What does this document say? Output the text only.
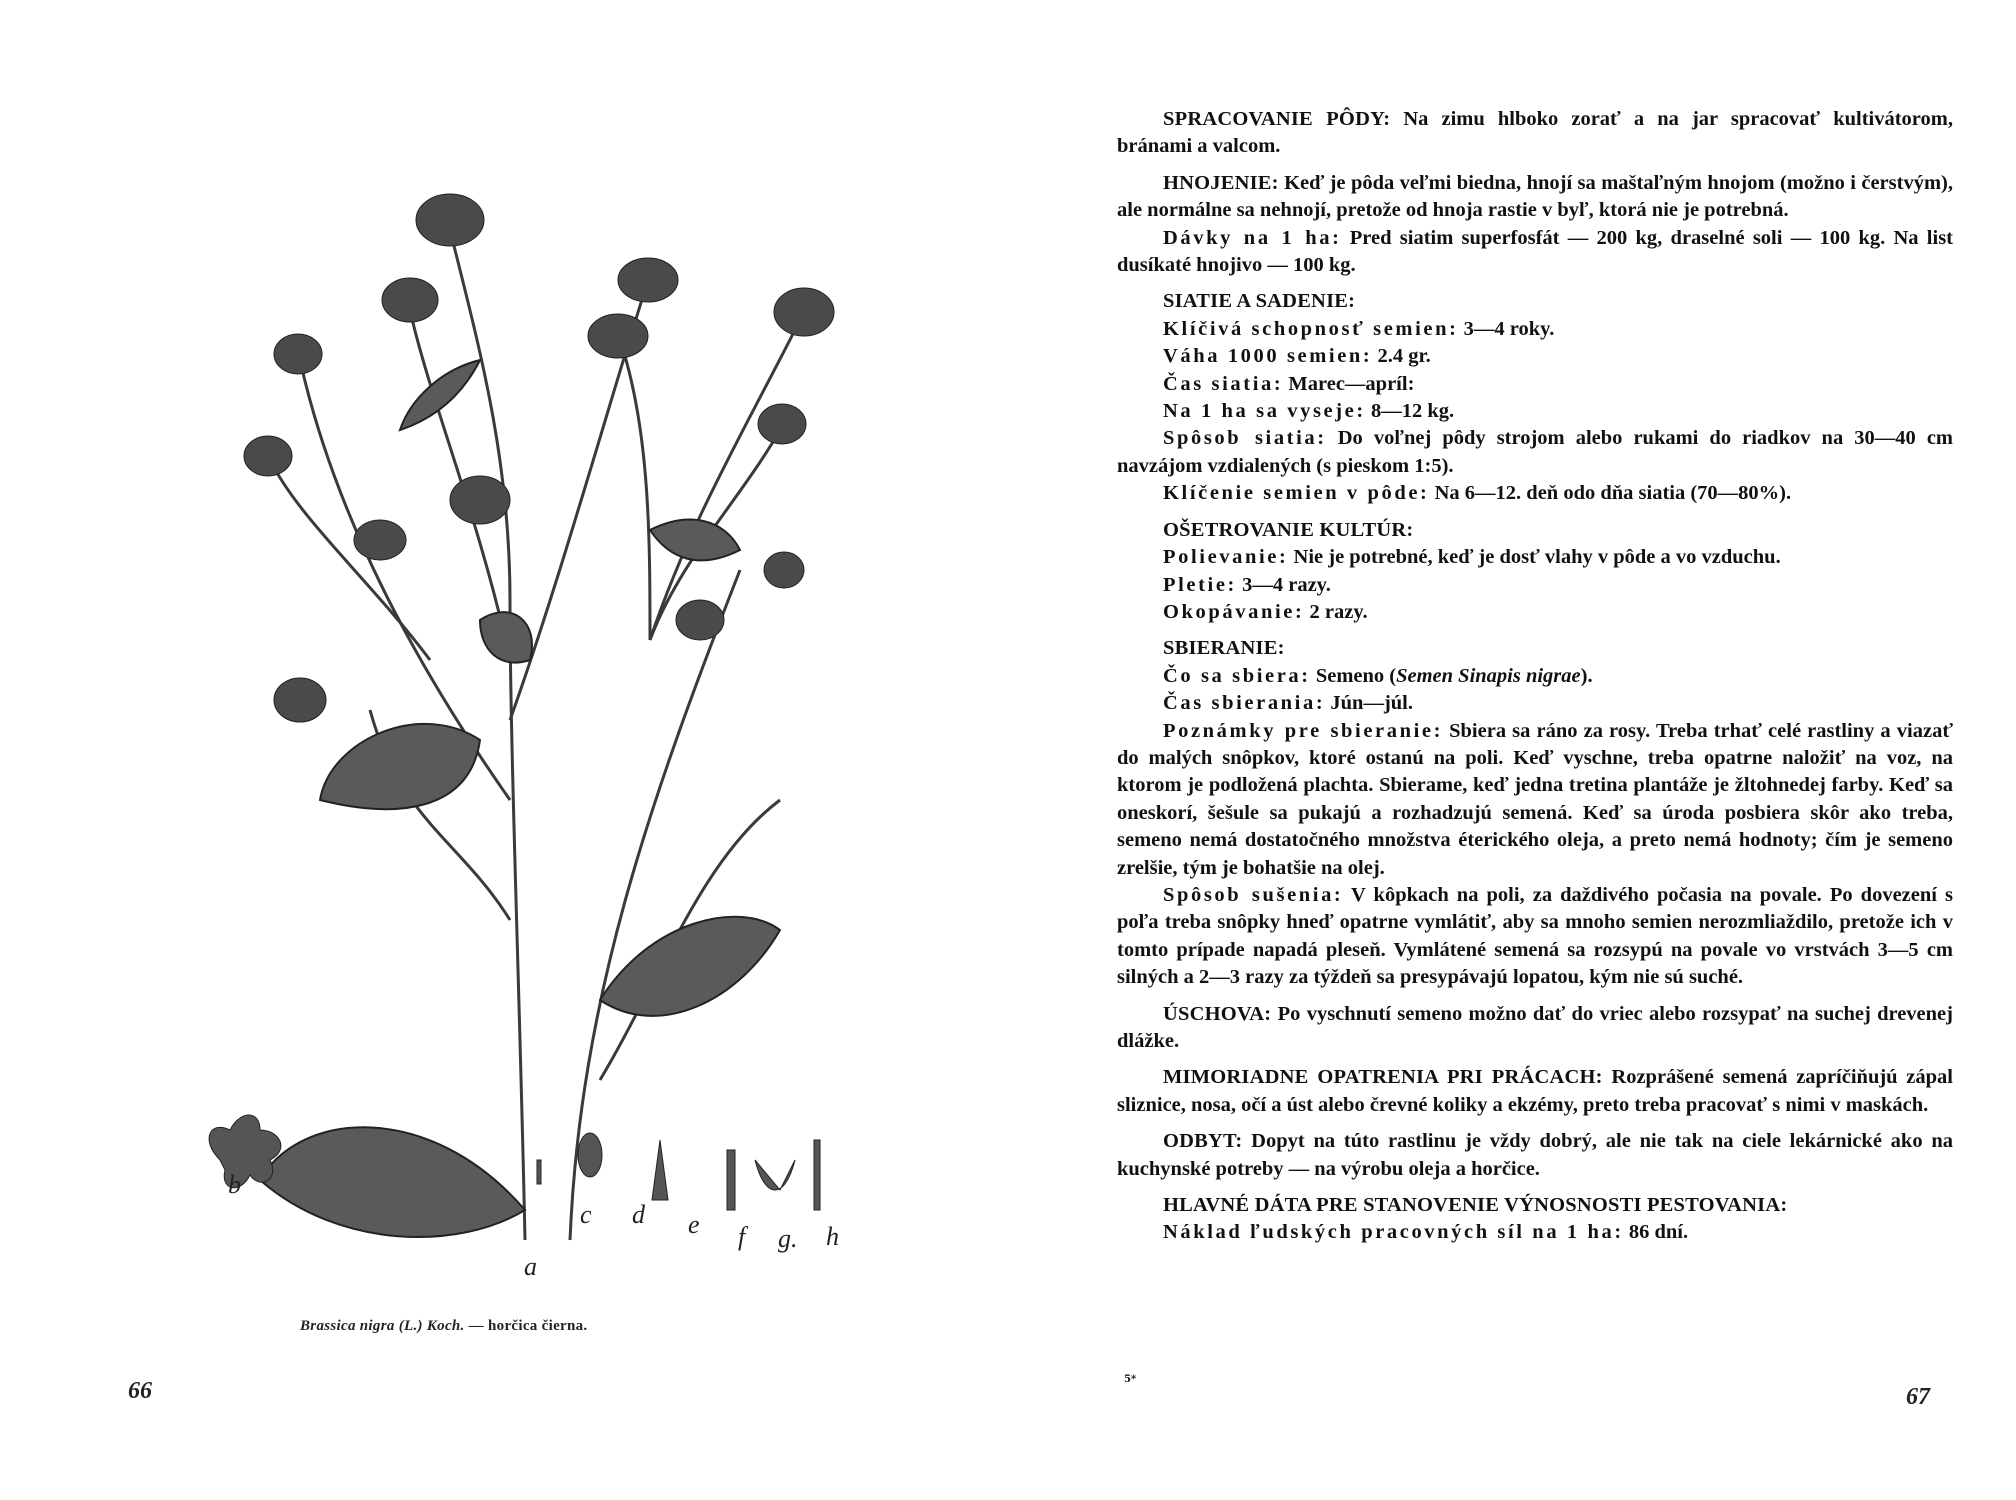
b
c d e f g. h
a
Brassica nigra (L.) Koch. — horčica čierna.
66

SPRACOVANIE PÔDY: Na zimu hlboko zorať a na jar spracovať kultivátorom, bránami a valcom.

HNOJENIE: Keď je pôda veľmi biedna, hnojí sa maštaľným hnojom (možno i čerstvým), ale normálne sa nehnojí, pretože od hnoja rastie v byľ, ktorá nie je potrebná.

Dávky na 1 ha: Pred siatim superfosfát — 200 kg, draselné soli — 100 kg. Na list dusíkaté hnojivo — 100 kg.

SIATIE A SADENIE:

Klíčivá schopnosť semien: 3—4 roky.

Váha 1000 semien: 2.4 gr.

Čas siatia: Marec—apríl:

Na 1 ha sa vyseje: 8—12 kg.

Spôsob siatia: Do voľnej pôdy strojom alebo rukami do riadkov na 30—40 cm navzájom vzdialených (s pieskom 1:5).

Klíčenie semien v pôde: Na 6—12. deň odo dňa siatia (70—80%).

OŠETROVANIE KULTÚR:

Polievanie: Nie je potrebné, keď je dosť vlahy v pôde a vo vzduchu.

Pletie: 3—4 razy.

Okopávanie: 2 razy.

SBIERANIE:

Čo sa sbiera: Semeno (Semen Sinapis nigrae).

Čas sbierania: Jún—júl.

Poznámky pre sbieranie: Sbiera sa ráno za rosy. Treba trhať celé rastliny a viazať do malých snôpkov, ktoré ostanú na poli. Keď vyschne, treba opatrne naložiť na voz, na ktorom je podložená plachta. Sbierame, keď jedna tretina plantáže je žltohnedej farby. Keď sa oneskorí, šešule sa pukajú a rozhadzujú semená. Keď sa úroda posbiera skôr ako treba, semeno nemá dostatočného množstva éterického oleja, a preto nemá hodnoty; čím je semeno zrelšie, tým je bohatšie na olej.

Spôsob sušenia: V kôpkach na poli, za daždivého počasia na povale. Po dovezení s poľa treba snôpky hneď opatrne vymlátiť, aby sa mnoho semien nerozmliaždilo, pretože ich v tomto prípade napadá pleseň. Vymlátené semená sa rozsypú na povale vo vrstvách 3—5 cm silných a 2—3 razy za týždeň sa presypávajú lopatou, kým nie sú suché.

ÚSCHOVA: Po vyschnutí semeno možno dať do vriec alebo rozsypať na suchej drevenej dlážke.

MIMORIADNE OPATRENIA PRI PRÁCACH: Rozprášené semená zapríčiňujú zápal sliznice, nosa, očí a úst alebo črevné koliky a ekzémy, preto treba pracovať s nimi v maskách.

ODBYT: Dopyt na túto rastlinu je vždy dobrý, ale nie tak na ciele lekárnické ako na kuchynské potreby — na výrobu oleja a horčice.

HLAVNÉ DÁTA PRE STANOVENIE VÝNOSNOSTI PESTOVANIA:

Náklad ľudských pracovných síl na 1 ha: 86 dní.

5*
67
